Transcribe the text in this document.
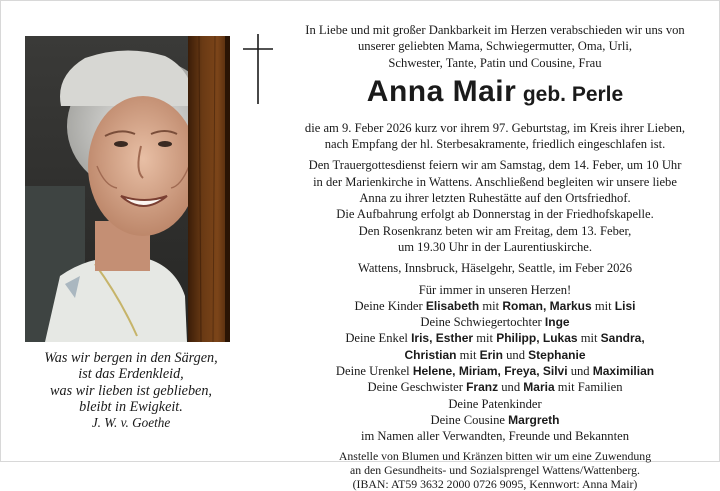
Was wir bergen in den Särgen,
ist das Erdenkleid,
was wir lieben ist geblieben,
bleibt in Ewigkeit.
J. W. v. Goethe
In Liebe und mit großer Dankbarkeit im Herzen verabschieden wir uns von
unserer geliebten Mama, Schwiegermutter, Oma, Urli,
Schwester, Tante, Patin und Cousine, Frau
Anna Mair geb. Perle
die am 9. Feber 2026 kurz vor ihrem 97. Geburtstag, im Kreis ihrer Lieben,
nach Empfang der hl. Sterbesakramente, friedlich eingeschlafen ist.
Den Trauergottesdienst feiern wir am Samstag, dem 14. Feber, um 10 Uhr
in der Marienkirche in Wattens. Anschließend begleiten wir unsere liebe
Anna zu ihrer letzten Ruhestätte auf den Ortsfriedhof.
Die Aufbahrung erfolgt ab Donnerstag in der Friedhofskapelle.
Den Rosenkranz beten wir am Freitag, dem 13. Feber,
um 19.30 Uhr in der Laurentiuskirche.
Wattens, Innsbruck, Häselgehr, Seattle, im Feber 2026
Für immer in unseren Herzen!
Deine Kinder Elisabeth mit Roman, Markus mit Lisi
Deine Schwiegertochter Inge
Deine Enkel Iris, Esther mit Philipp, Lukas mit Sandra,
Christian mit Erin und Stephanie
Deine Urenkel Helene, Miriam, Freya, Silvi und Maximilian
Deine Geschwister Franz und Maria mit Familien
Deine Patenkinder
Deine Cousine Margreth
im Namen aller Verwandten, Freunde und Bekannten
Anstelle von Blumen und Kränzen bitten wir um eine Zuwendung
an den Gesundheits- und Sozialsprengel Wattens/Wattenberg.
(IBAN: AT59 3632 2000 0726 9095, Kennwort: Anna Mair)
